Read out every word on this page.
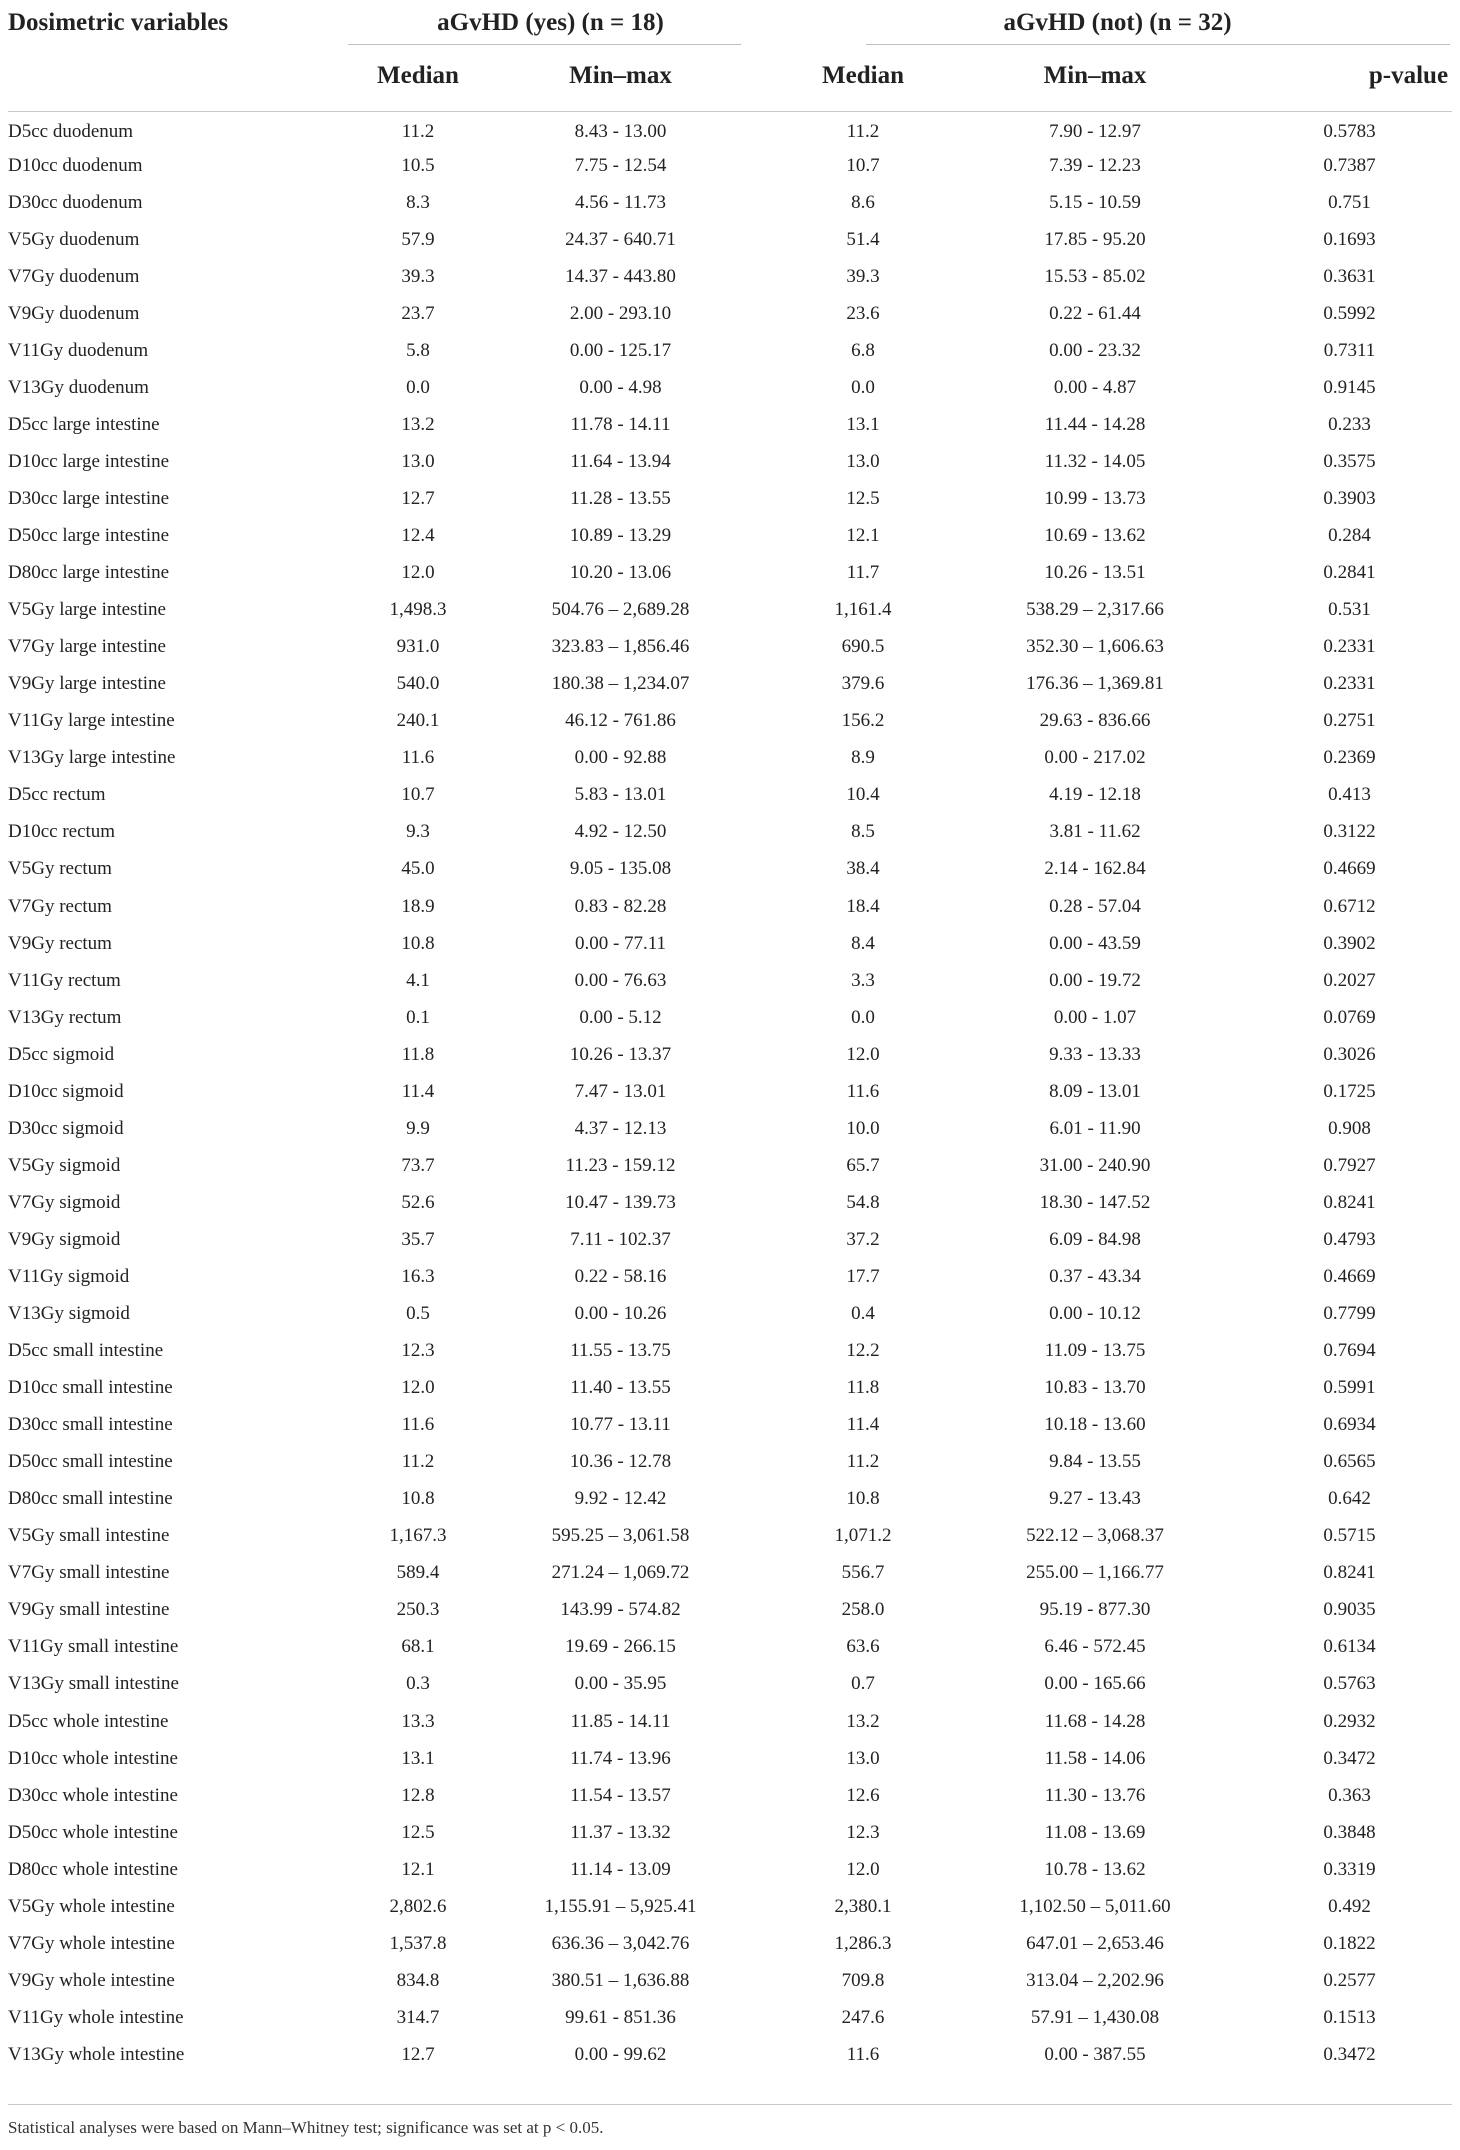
Dosimetric variables	aGvHD (yes) (n = 18)			aGvHD (not) (n = 32)		
	Median	Min–max		Median	Min–max	p-value
D5cc duodenum	11.2	8.43 - 13.00		11.2	7.90 - 12.97	0.5783
D10cc duodenum	10.5	7.75 - 12.54		10.7	7.39 - 12.23	0.7387
D30cc duodenum	8.3	4.56 - 11.73		8.6	5.15 - 10.59	0.751
V5Gy duodenum	57.9	24.37 - 640.71		51.4	17.85 - 95.20	0.1693
V7Gy duodenum	39.3	14.37 - 443.80		39.3	15.53 - 85.02	0.3631
V9Gy duodenum	23.7	2.00 - 293.10		23.6	0.22 - 61.44	0.5992
V11Gy duodenum	5.8	0.00 - 125.17		6.8	0.00 - 23.32	0.7311
V13Gy duodenum	0.0	0.00 - 4.98		0.0	0.00 - 4.87	0.9145
D5cc large intestine	13.2	11.78 - 14.11		13.1	11.44 - 14.28	0.233
D10cc large intestine	13.0	11.64 - 13.94		13.0	11.32 - 14.05	0.3575
D30cc large intestine	12.7	11.28 - 13.55		12.5	10.99 - 13.73	0.3903
D50cc large intestine	12.4	10.89 - 13.29		12.1	10.69 - 13.62	0.284
D80cc large intestine	12.0	10.20 - 13.06		11.7	10.26 - 13.51	0.2841
V5Gy large intestine	1,498.3	504.76 – 2,689.28		1,161.4	538.29 – 2,317.66	0.531
V7Gy large intestine	931.0	323.83 – 1,856.46		690.5	352.30 – 1,606.63	0.2331
V9Gy large intestine	540.0	180.38 – 1,234.07		379.6	176.36 – 1,369.81	0.2331
V11Gy large intestine	240.1	46.12 - 761.86		156.2	29.63 - 836.66	0.2751
V13Gy large intestine	11.6	0.00 - 92.88		8.9	0.00 - 217.02	0.2369
D5cc rectum	10.7	5.83 - 13.01		10.4	4.19 - 12.18	0.413
D10cc rectum	9.3	4.92 - 12.50		8.5	3.81 - 11.62	0.3122
V5Gy rectum	45.0	9.05 - 135.08		38.4	2.14 - 162.84	0.4669
V7Gy rectum	18.9	0.83 - 82.28		18.4	0.28 - 57.04	0.6712
V9Gy rectum	10.8	0.00 - 77.11		8.4	0.00 - 43.59	0.3902
V11Gy rectum	4.1	0.00 - 76.63		3.3	0.00 - 19.72	0.2027
V13Gy rectum	0.1	0.00 - 5.12		0.0	0.00 - 1.07	0.0769
D5cc sigmoid	11.8	10.26 - 13.37		12.0	9.33 - 13.33	0.3026
D10cc sigmoid	11.4	7.47 - 13.01		11.6	8.09 - 13.01	0.1725
D30cc sigmoid	9.9	4.37 - 12.13		10.0	6.01 - 11.90	0.908
V5Gy sigmoid	73.7	11.23 - 159.12		65.7	31.00 - 240.90	0.7927
V7Gy sigmoid	52.6	10.47 - 139.73		54.8	18.30 - 147.52	0.8241
V9Gy sigmoid	35.7	7.11 - 102.37		37.2	6.09 - 84.98	0.4793
V11Gy sigmoid	16.3	0.22 - 58.16		17.7	0.37 - 43.34	0.4669
V13Gy sigmoid	0.5	0.00 - 10.26		0.4	0.00 - 10.12	0.7799
D5cc small intestine	12.3	11.55 - 13.75		12.2	11.09 - 13.75	0.7694
D10cc small intestine	12.0	11.40 - 13.55		11.8	10.83 - 13.70	0.5991
D30cc small intestine	11.6	10.77 - 13.11		11.4	10.18 - 13.60	0.6934
D50cc small intestine	11.2	10.36 - 12.78		11.2	9.84 - 13.55	0.6565
D80cc small intestine	10.8	9.92 - 12.42		10.8	9.27 - 13.43	0.642
V5Gy small intestine	1,167.3	595.25 – 3,061.58		1,071.2	522.12 – 3,068.37	0.5715
V7Gy small intestine	589.4	271.24 – 1,069.72		556.7	255.00 – 1,166.77	0.8241
V9Gy small intestine	250.3	143.99 - 574.82		258.0	95.19 - 877.30	0.9035
V11Gy small intestine	68.1	19.69 - 266.15		63.6	6.46 - 572.45	0.6134
V13Gy small intestine	0.3	0.00 - 35.95		0.7	0.00 - 165.66	0.5763
D5cc whole intestine	13.3	11.85 - 14.11		13.2	11.68 - 14.28	0.2932
D10cc whole intestine	13.1	11.74 - 13.96		13.0	11.58 - 14.06	0.3472
D30cc whole intestine	12.8	11.54 - 13.57		12.6	11.30 - 13.76	0.363
D50cc whole intestine	12.5	11.37 - 13.32		12.3	11.08 - 13.69	0.3848
D80cc whole intestine	12.1	11.14 - 13.09		12.0	10.78 - 13.62	0.3319
V5Gy whole intestine	2,802.6	1,155.91 – 5,925.41		2,380.1	1,102.50 – 5,011.60	0.492
V7Gy whole intestine	1,537.8	636.36 – 3,042.76		1,286.3	647.01 – 2,653.46	0.1822
V9Gy whole intestine	834.8	380.51 – 1,636.88		709.8	313.04 – 2,202.96	0.2577
V11Gy whole intestine	314.7	99.61 - 851.36		247.6	57.91 – 1,430.08	0.1513
V13Gy whole intestine	12.7	0.00 - 99.62		11.6	0.00 - 387.55	0.3472
Statistical analyses were based on Mann–Whitney test; significance was set at p < 0.05.
